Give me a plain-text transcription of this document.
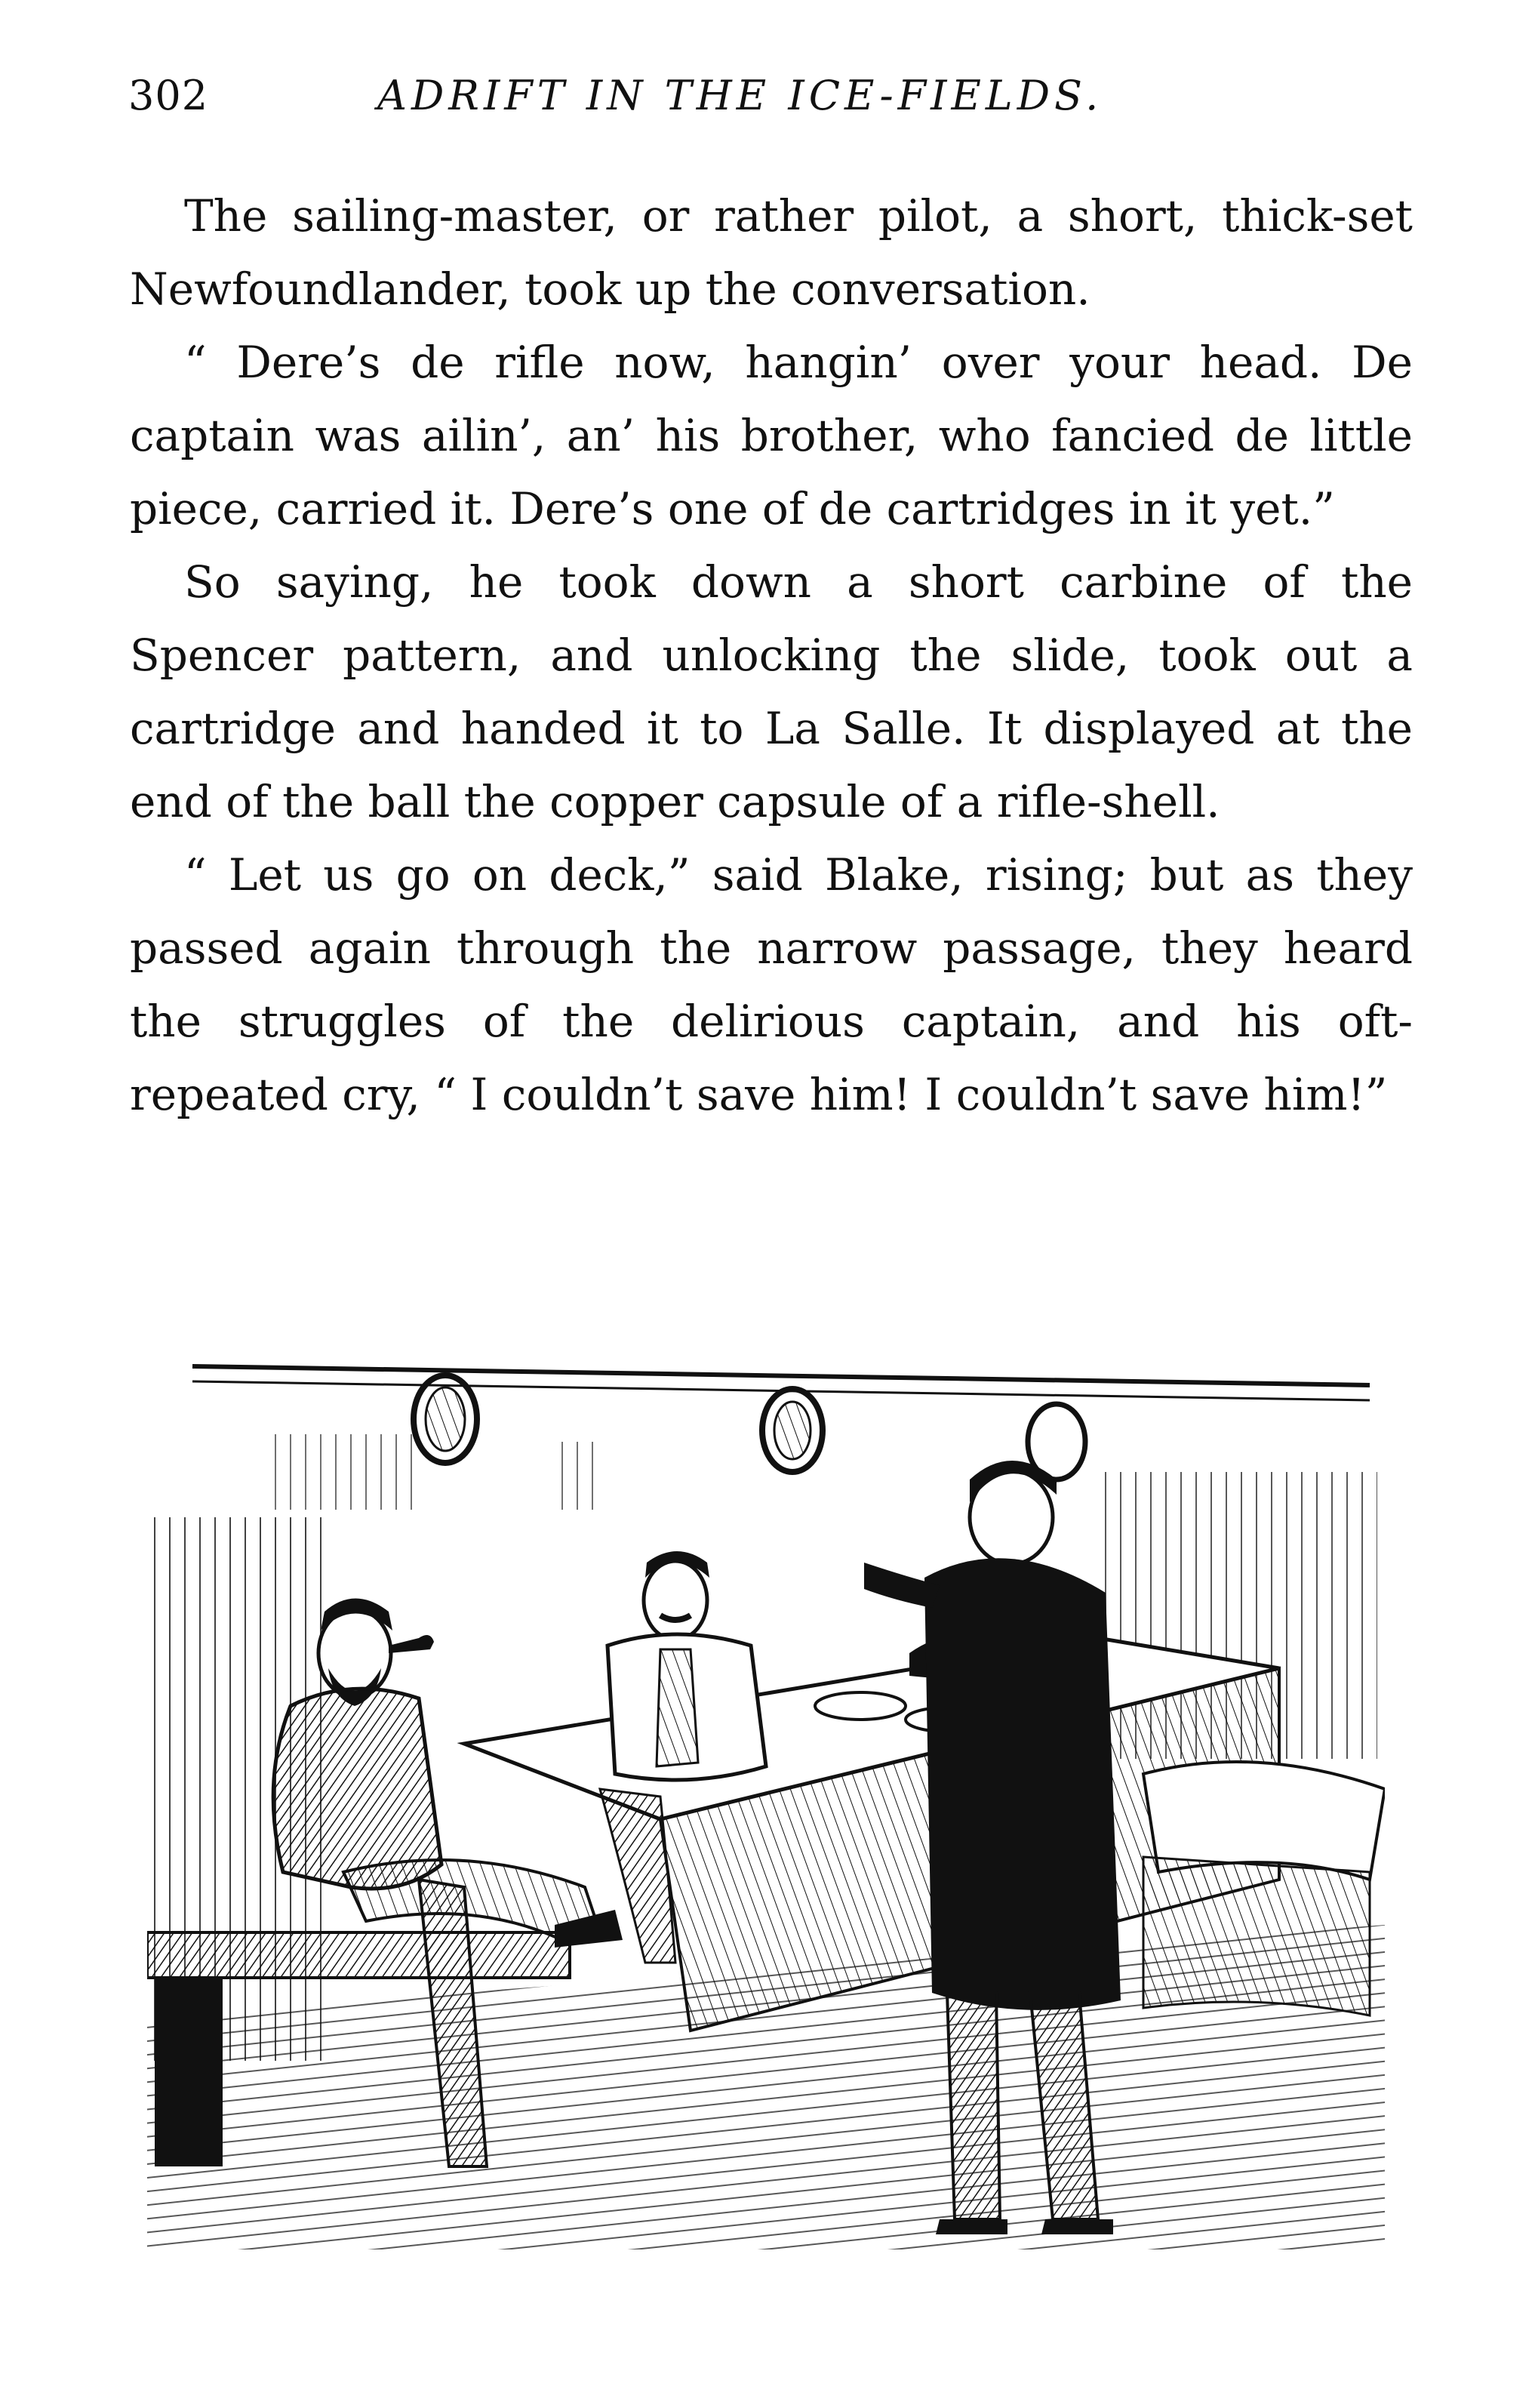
302	ADRIFT IN THE ICE-FIELDS.

The sailing-master, or rather pilot, a short, thick-set Newfoundlander, took up the conversation.

“ Dere’s de rifle now, hangin’ over your head. De captain was ailin’, an’ his brother, who fancied de little piece, carried it. Dere’s one of de cartridges in it yet.”

So saying, he took down a short carbine of the Spencer pattern, and unlocking the slide, took out a cartridge and handed it to La Salle. It displayed at the end of the ball the copper capsule of a rifle-shell.

“ Let us go on deck,” said Blake, rising; but as they passed again through the narrow passage, they heard the struggles of the delirious captain, and his oft-repeated cry, “ I couldn’t save him! I couldn’t save him!”
